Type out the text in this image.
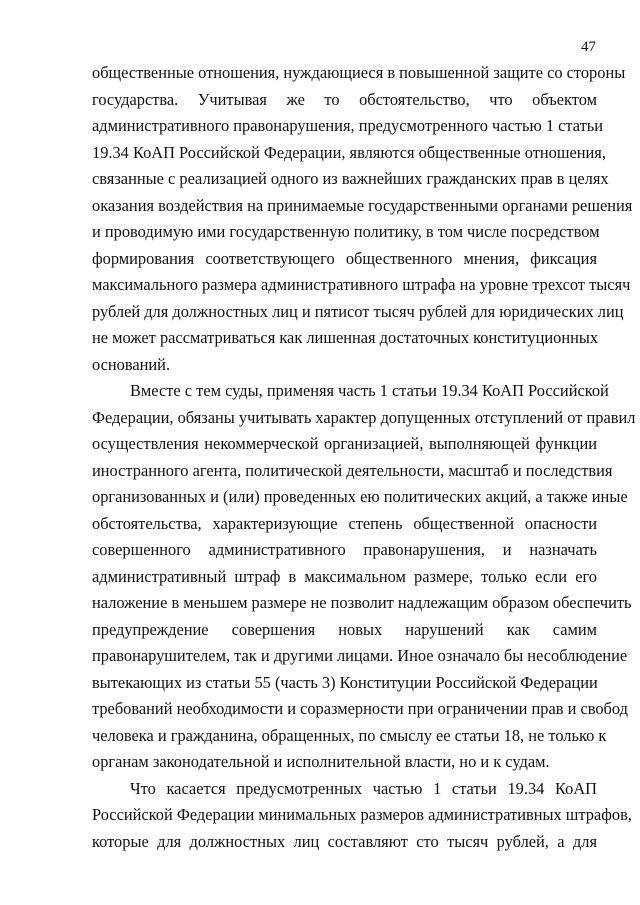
47
общественные отношения, нуждающиеся в повышенной защите со стороны
государства. Учитывая же то обстоятельство, что объектом
административного правонарушения, предусмотренного частью 1 статьи
19.34 КоАП Российской Федерации, являются общественные отношения,
связанные с реализацией одного из важнейших гражданских прав в целях
оказания воздействия на принимаемые государственными органами решения
и проводимую ими государственную политику, в том числе посредством
формирования соответствующего общественного мнения, фиксация
максимального размера административного штрафа на уровне трехсот тысяч
рублей для должностных лиц и пятисот тысяч рублей для юридических лиц
не может рассматриваться как лишенная достаточных конституционных
оснований.
Вместе с тем суды, применяя часть 1 статьи 19.34 КоАП Российской
Федерации, обязаны учитывать характер допущенных отступлений от правил
осуществления некоммерческой организацией, выполняющей функции
иностранного агента, политической деятельности, масштаб и последствия
организованных и (или) проведенных ею политических акций, а также иные
обстоятельства, характеризующие степень общественной опасности
совершенного административного правонарушения, и назначать
административный штраф в максимальном размере, только если его
наложение в меньшем размере не позволит надлежащим образом обеспечить
предупреждение совершения новых нарушений как самим
правонарушителем, так и другими лицами. Иное означало бы несоблюдение
вытекающих из статьи 55 (часть 3) Конституции Российской Федерации
требований необходимости и соразмерности при ограничении прав и свобод
человека и гражданина, обращенных, по смыслу ее статьи 18, не только к
органам законодательной и исполнительной власти, но и к судам.
Что касается предусмотренных частью 1 статьи 19.34 КоАП
Российской Федерации минимальных размеров административных штрафов,
которые для должностных лиц составляют сто тысяч рублей, а для
